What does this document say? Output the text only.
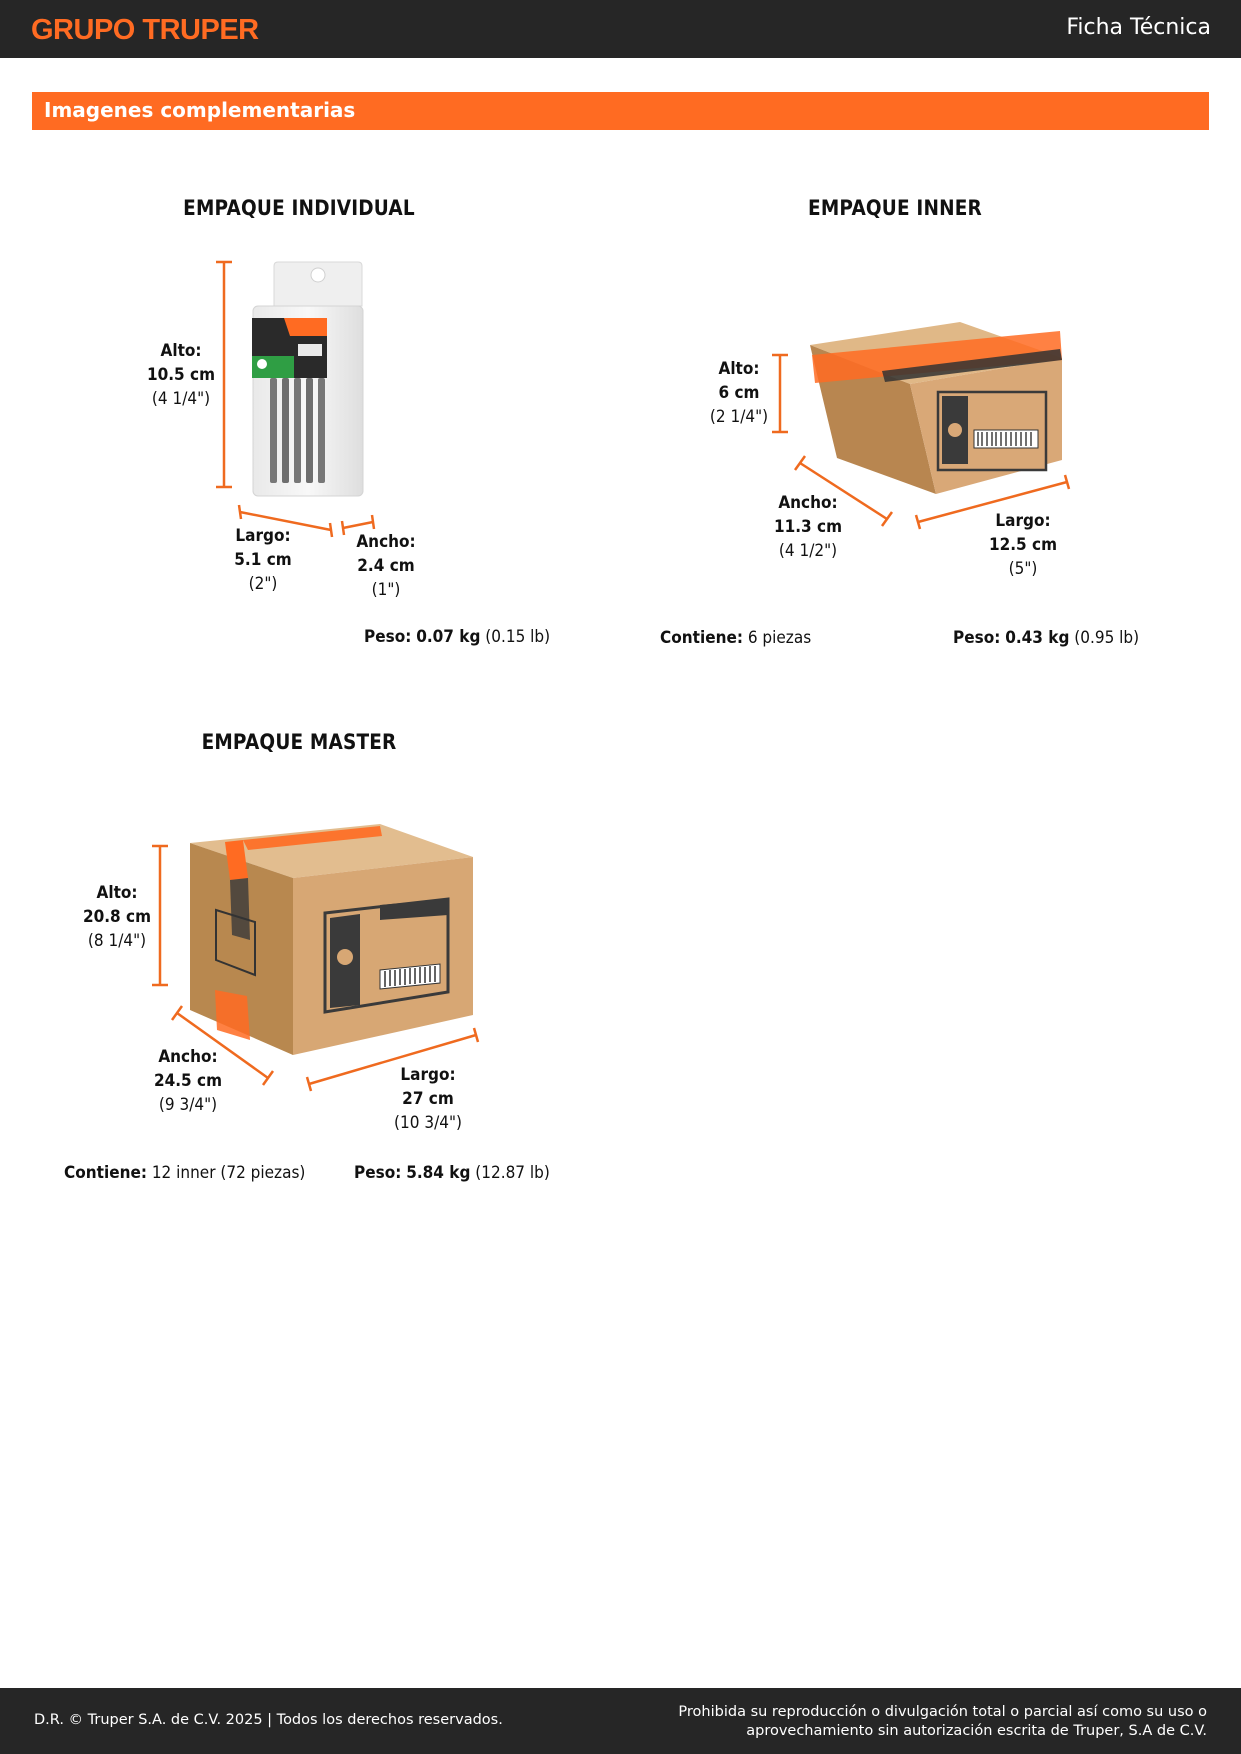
GRUPO TRUPER	Ficha Técnica
Imagenes complementarias
EMPAQUE INDIVIDUAL
Alto:
10.5 cm
(4 1/4")
Largo:
5.1 cm
(2")
Ancho:
2.4 cm
(1")
Peso: 0.07 kg (0.15 lb)
EMPAQUE INNER
Alto:
6 cm
(2 1/4")
Ancho:
11.3 cm
(4 1/2")
Largo:
12.5 cm
(5")
Contiene: 6 piezas	Peso: 0.43 kg (0.95 lb)
EMPAQUE MASTER
Alto:
20.8 cm
(8 1/4")
Ancho:
24.5 cm
(9 3/4")
Largo:
27 cm
(10 3/4")
Contiene: 12 inner (72 piezas)	Peso: 5.84 kg (12.87 lb)
D.R. © Truper S.A. de C.V. 2025 | Todos los derechos reservados.	Prohibida su reproducción o divulgación total o parcial así como su uso o aprovechamiento sin autorización escrita de Truper, S.A de C.V.
